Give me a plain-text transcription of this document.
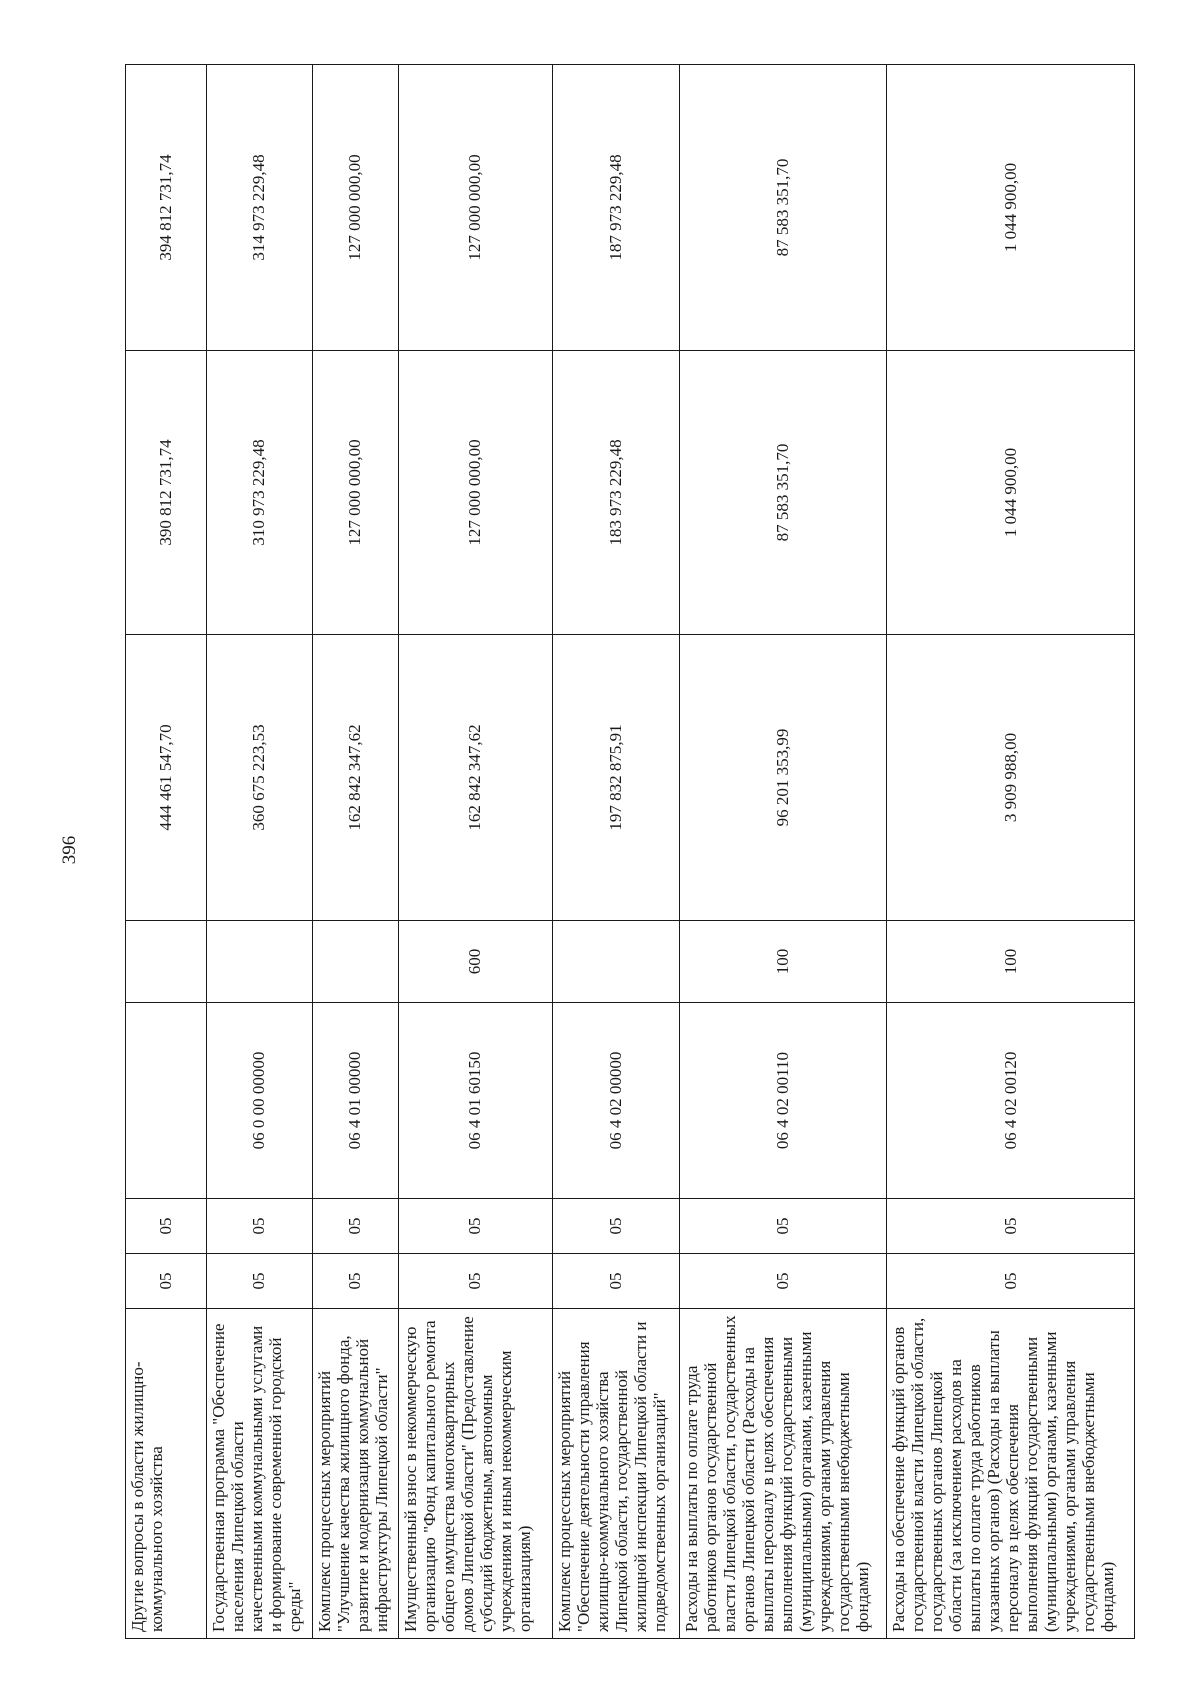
396
Другие вопросы в области жилищно-коммунального хозяйства	05	05			444 461 547,70	390 812 731,74	394 812 731,74
Государственная программа "Обеспечение населения Липецкой области качественными коммунальными услугами и формирование современной городской среды"	05	05	06 0 00 00000		360 675 223,53	310 973 229,48	314 973 229,48
Комплекс процессных мероприятий "Улучшение качества жилищного фонда, развитие и модернизация коммунальной инфраструктуры Липецкой области"	05	05	06 4 01 00000		162 842 347,62	127 000 000,00	127 000 000,00
Имущественный взнос в некоммерческую организацию "Фонд капитального ремонта общего имущества многоквартирных домов Липецкой области" (Предоставление субсидий бюджетным, автономным учреждениям и иным некоммерческим организациям)	05	05	06 4 01 60150	600	162 842 347,62	127 000 000,00	127 000 000,00
Комплекс процессных мероприятий "Обеспечение деятельности управления жилищно-коммунального хозяйства Липецкой области, государственной жилищной инспекции Липецкой области и подведомственных организаций"	05	05	06 4 02 00000		197 832 875,91	183 973 229,48	187 973 229,48
Расходы на выплаты по оплате труда работников органов государственной власти Липецкой области, государственных органов Липецкой области (Расходы на выплаты персоналу в целях обеспечения выполнения функций государственными (муниципальными) органами, казенными учреждениями, органами управления государственными внебюджетными фондами)	05	05	06 4 02 00110	100	96 201 353,99	87 583 351,70	87 583 351,70
Расходы на обеспечение функций органов государственной власти Липецкой области, государственных органов Липецкой области (за исключением расходов на выплаты по оплате труда работников указанных органов) (Расходы на выплаты персоналу в целях обеспечения выполнения функций государственными (муниципальными) органами, казенными учреждениями, органами управления государственными внебюджетными фондами)	05	05	06 4 02 00120	100	3 909 988,00	1 044 900,00	1 044 900,00
